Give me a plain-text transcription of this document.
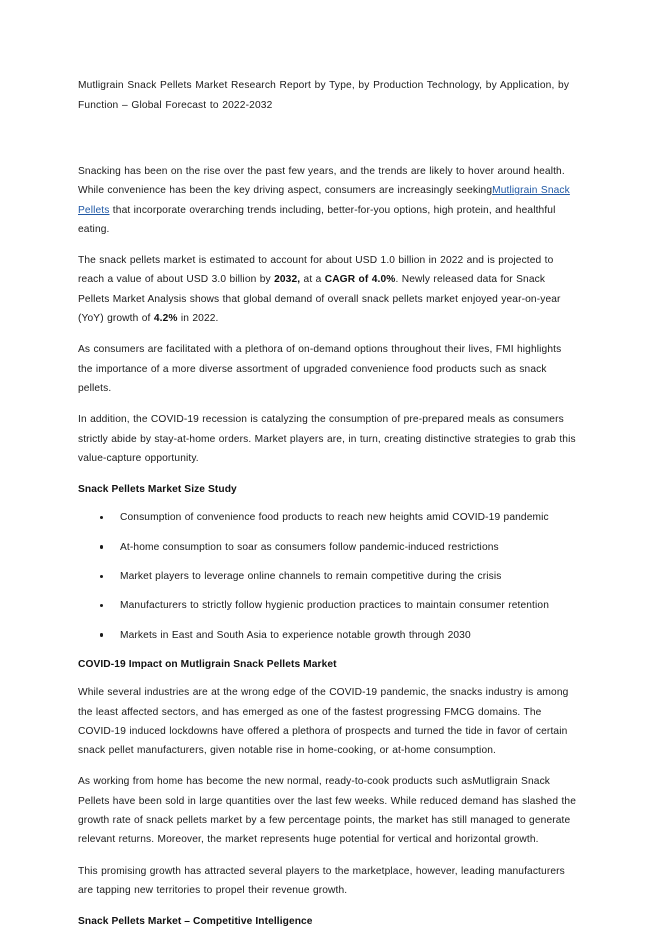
Mutligrain Snack Pellets Market Research Report by Type, by Production Technology, by Application, by Function – Global Forecast to 2022-2032

Snacking has been on the rise over the past few years, and the trends are likely to hover around health. While convenience has been the key driving aspect, consumers are increasingly seekingMutligrain Snack Pellets that incorporate overarching trends including, better-for-you options, high protein, and healthful eating.

The snack pellets market is estimated to account for about USD 1.0 billion in 2022 and is projected to reach a value of about USD 3.0 billion by 2032, at a CAGR of 4.0%. Newly released data for Snack Pellets Market Analysis shows that global demand of overall snack pellets market enjoyed year-on-year (YoY) growth of 4.2% in 2022.

As consumers are facilitated with a plethora of on-demand options throughout their lives, FMI highlights the importance of a more diverse assortment of upgraded convenience food products such as snack pellets.

In addition, the COVID-19 recession is catalyzing the consumption of pre-prepared meals as consumers strictly abide by stay-at-home orders. Market players are, in turn, creating distinctive strategies to grab this value-capture opportunity.

Snack Pellets Market Size Study
Consumption of convenience food products to reach new heights amid COVID-19 pandemic
At-home consumption to soar as consumers follow pandemic-induced restrictions
Market players to leverage online channels to remain competitive during the crisis
Manufacturers to strictly follow hygienic production practices to maintain consumer retention
Markets in East and South Asia to experience notable growth through 2030
COVID-19 Impact on Mutligrain Snack Pellets Market

While several industries are at the wrong edge of the COVID-19 pandemic, the snacks industry is among the least affected sectors, and has emerged as one of the fastest progressing FMCG domains. The COVID-19 induced lockdowns have offered a plethora of prospects and turned the tide in favor of certain snack pellet manufacturers, given notable rise in home-cooking, or at-home consumption.

As working from home has become the new normal, ready-to-cook products such asMutligrain Snack Pellets have been sold in large quantities over the last few weeks. While reduced demand has slashed the growth rate of snack pellets market by a few percentage points, the market has still managed to generate relevant returns. Moreover, the market represents huge potential for vertical and horizontal growth.

This promising growth has attracted several players to the marketplace, however, leading manufacturers are tapping new territories to propel their revenue growth.

Snack Pellets Market – Competitive Intelligence
